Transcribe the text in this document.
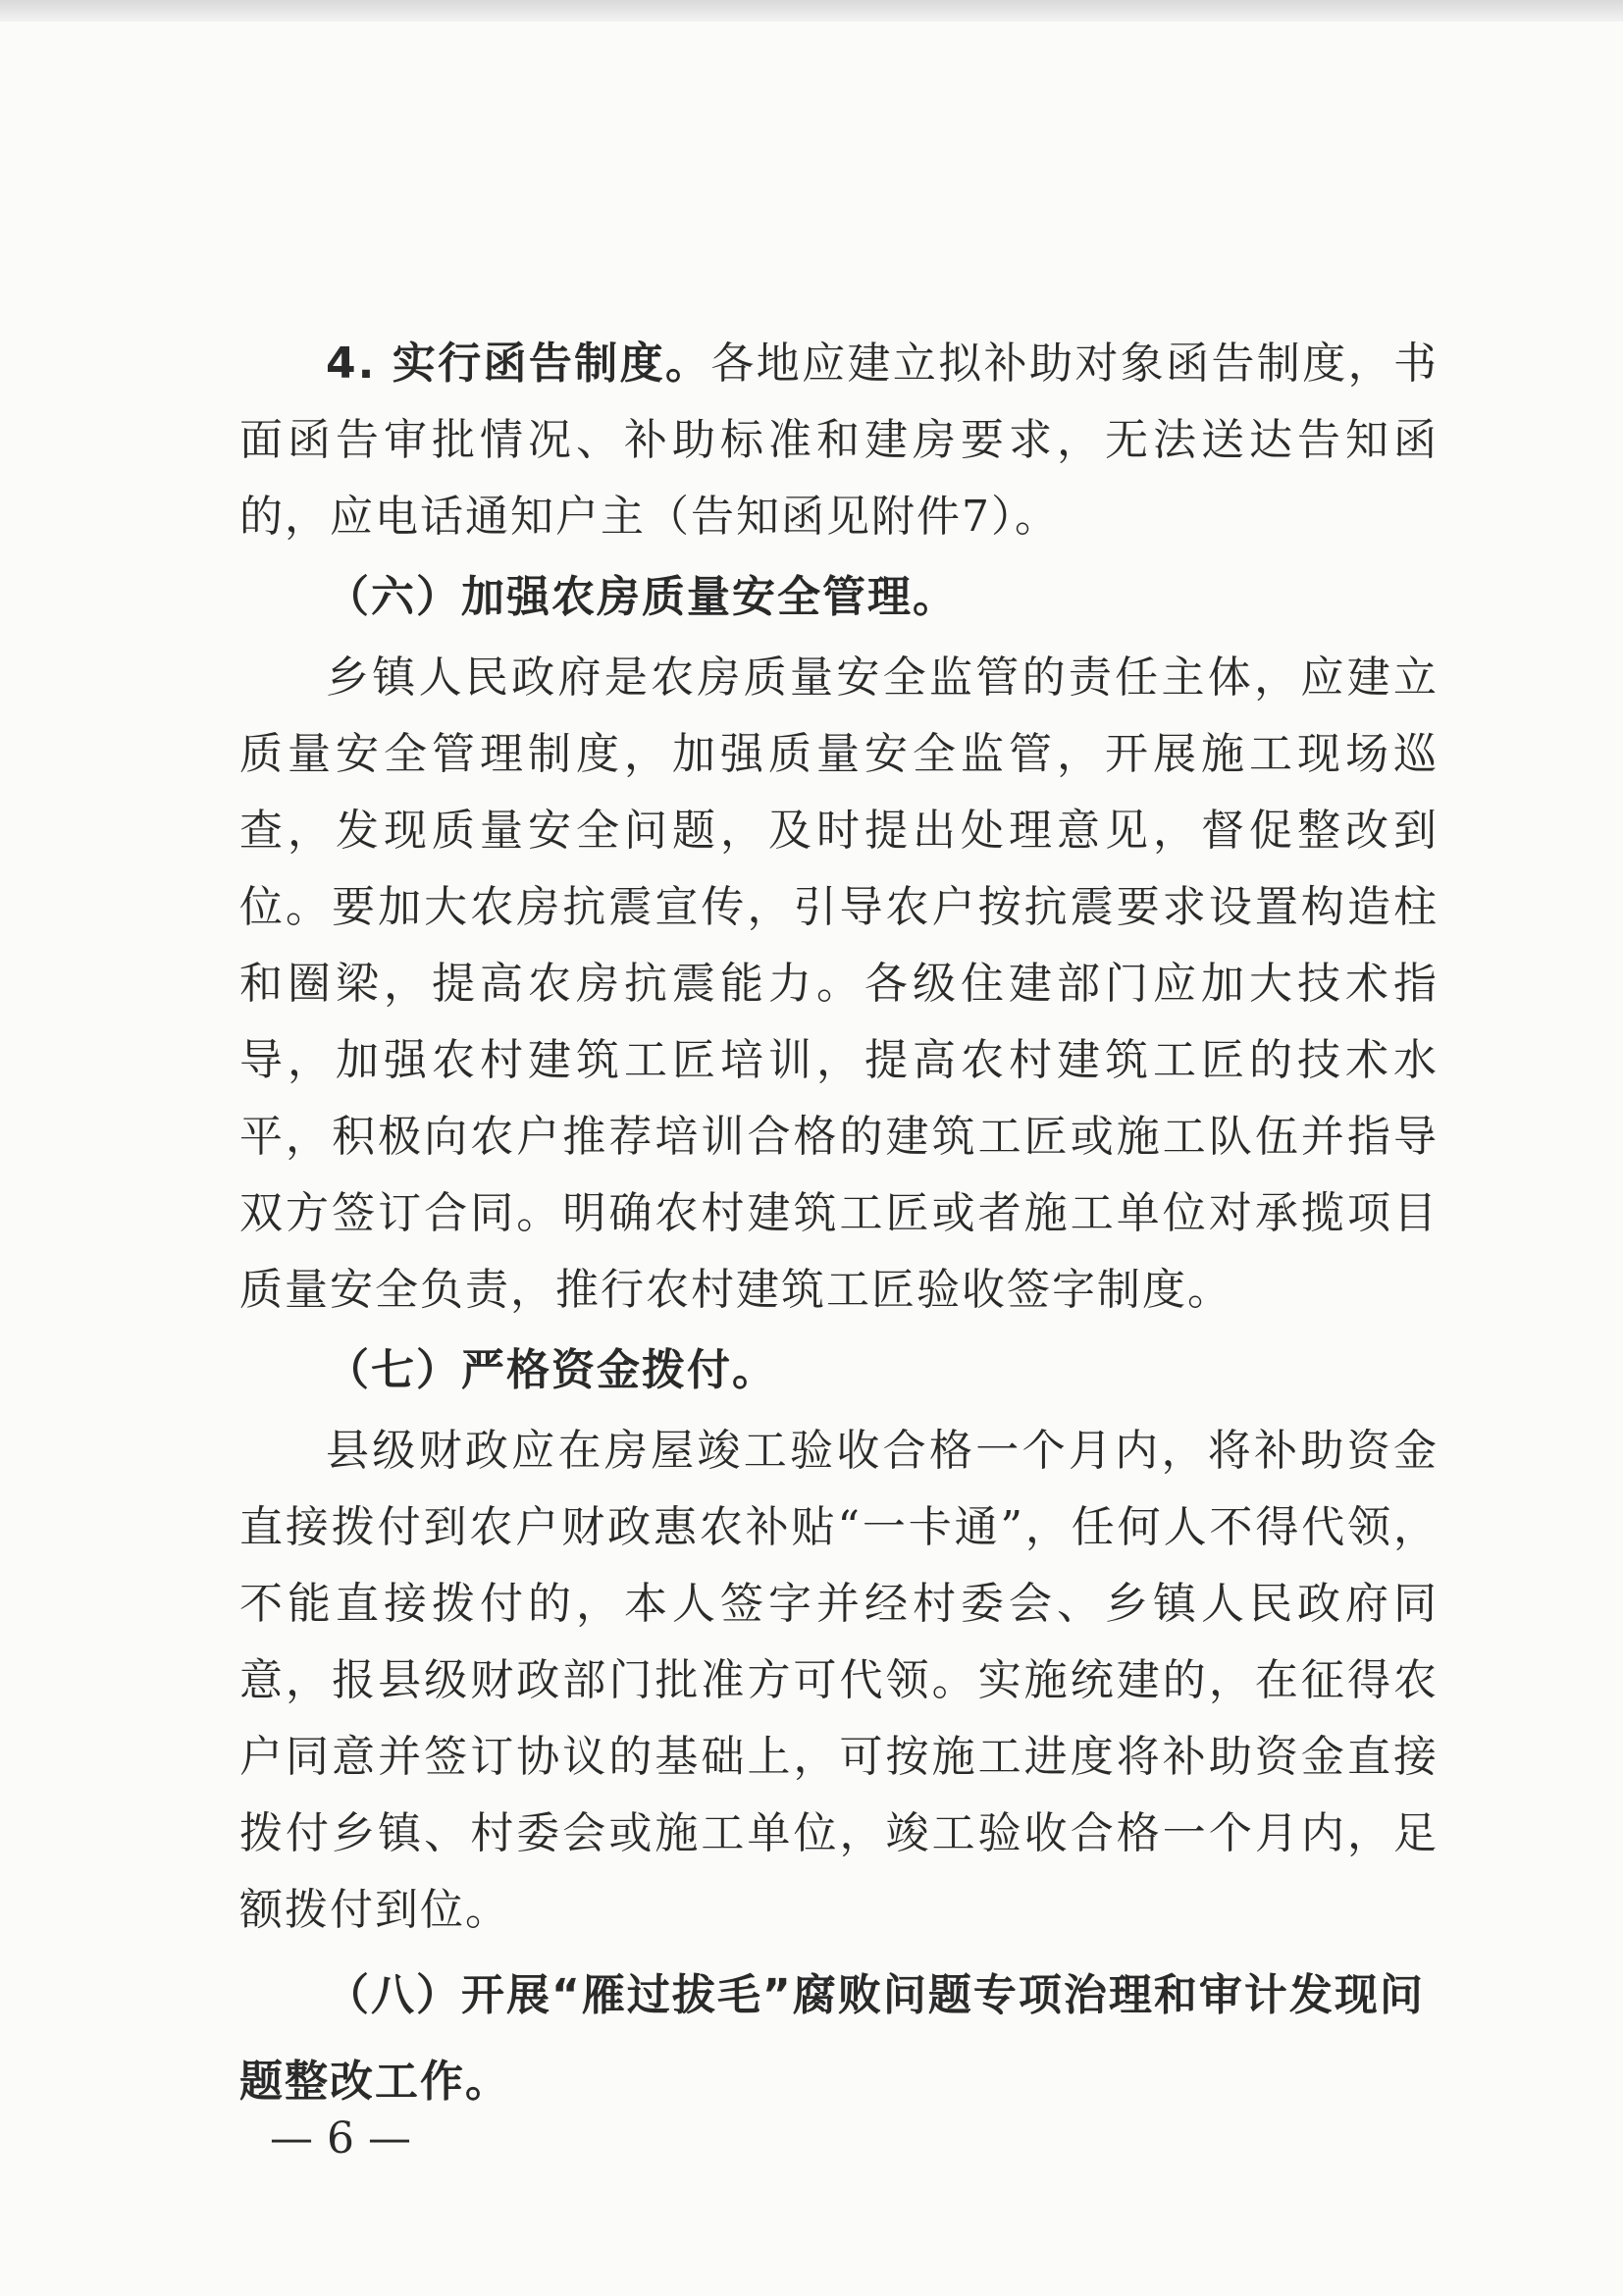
4. 实行函告制度。各地应建立拟补助对象函告制度，书面函告审批情况、补助标准和建房要求，无法送达告知函的，应电话通知户主（告知函见附件7）。

（六）加强农房质量安全管理。

乡镇人民政府是农房质量安全监管的责任主体，应建立质量安全管理制度，加强质量安全监管，开展施工现场巡查，发现质量安全问题，及时提出处理意见，督促整改到位。要加大农房抗震宣传，引导农户按抗震要求设置构造柱和圈梁，提高农房抗震能力。各级住建部门应加大技术指导，加强农村建筑工匠培训，提高农村建筑工匠的技术水平，积极向农户推荐培训合格的建筑工匠或施工队伍并指导双方签订合同。明确农村建筑工匠或者施工单位对承揽项目质量安全负责，推行农村建筑工匠验收签字制度。

（七）严格资金拨付。

县级财政应在房屋竣工验收合格一个月内，将补助资金直接拨付到农户财政惠农补贴“一卡通”，任何人不得代领，不能直接拨付的，本人签字并经村委会、乡镇人民政府同意，报县级财政部门批准方可代领。实施统建的，在征得农户同意并签订协议的基础上，可按施工进度将补助资金直接拨付乡镇、村委会或施工单位，竣工验收合格一个月内，足额拨付到位。

（八）开展“雁过拔毛”腐败问题专项治理和审计发现问题整改工作。

— 6 —
